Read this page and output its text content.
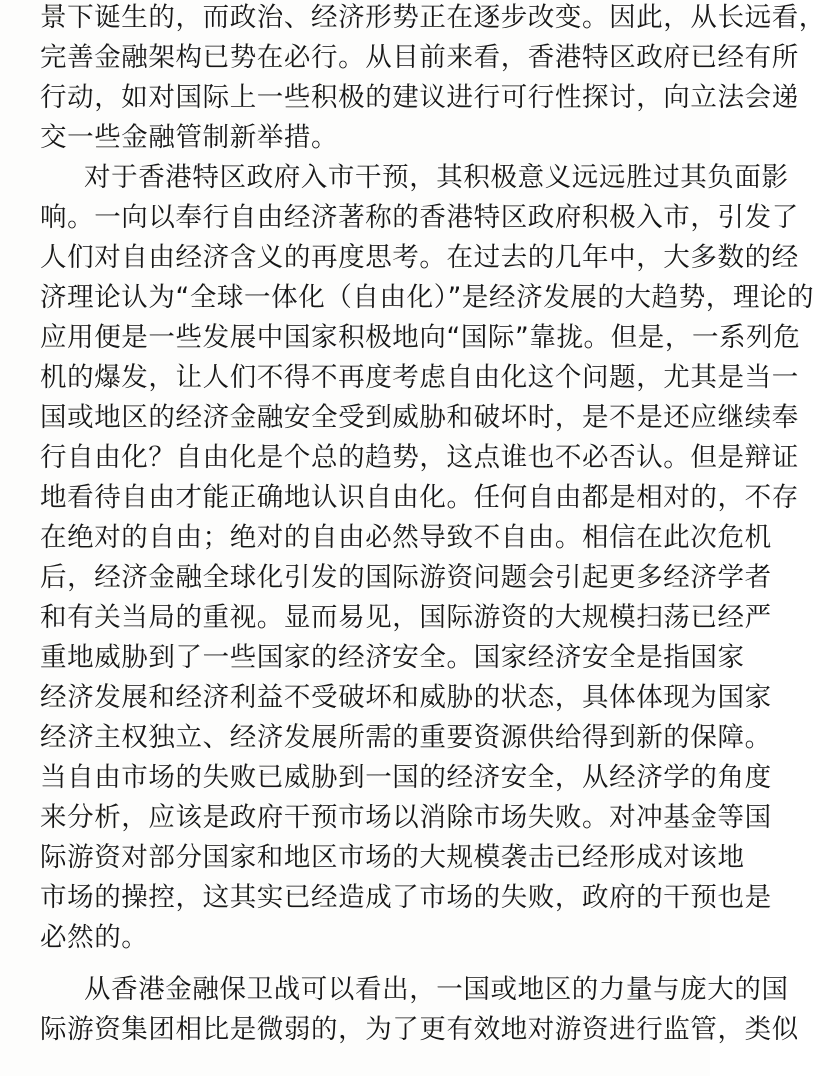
景下诞生的，而政治、经济形势正在逐步改变。因此，从长远看，
完善金融架构已势在必行。从目前来看，香港特区政府已经有所
行动，如对国际上一些积极的建议进行可行性探讨，向立法会递
交一些金融管制新举措。
对于香港特区政府入市干预，其积极意义远远胜过其负面影
响。一向以奉行自由经济著称的香港特区政府积极入市，引发了
人们对自由经济含义的再度思考。在过去的几年中，大多数的经
济理论认为“全球一体化（自由化）”是经济发展的大趋势，理论的
应用便是一些发展中国家积极地向“国际”靠拢。但是，一系列危
机的爆发，让人们不得不再度考虑自由化这个问题，尤其是当一
国或地区的经济金融安全受到威胁和破坏时，是不是还应继续奉
行自由化？自由化是个总的趋势，这点谁也不必否认。但是辩证
地看待自由才能正确地认识自由化。任何自由都是相对的，不存
在绝对的自由；绝对的自由必然导致不自由。相信在此次危机
后，经济金融全球化引发的国际游资问题会引起更多经济学者
和有关当局的重视。显而易见，国际游资的大规模扫荡已经严
重地威胁到了一些国家的经济安全。国家经济安全是指国家
经济发展和经济利益不受破坏和威胁的状态，具体体现为国家
经济主权独立、经济发展所需的重要资源供给得到新的保障。
当自由市场的失败已威胁到一国的经济安全，从经济学的角度
来分析，应该是政府干预市场以消除市场失败。对冲基金等国
际游资对部分国家和地区市场的大规模袭击已经形成对该地
市场的操控，这其实已经造成了市场的失败，政府的干预也是
必然的。
从香港金融保卫战可以看出，一国或地区的力量与庞大的国
际游资集团相比是微弱的，为了更有效地对游资进行监管，类似
